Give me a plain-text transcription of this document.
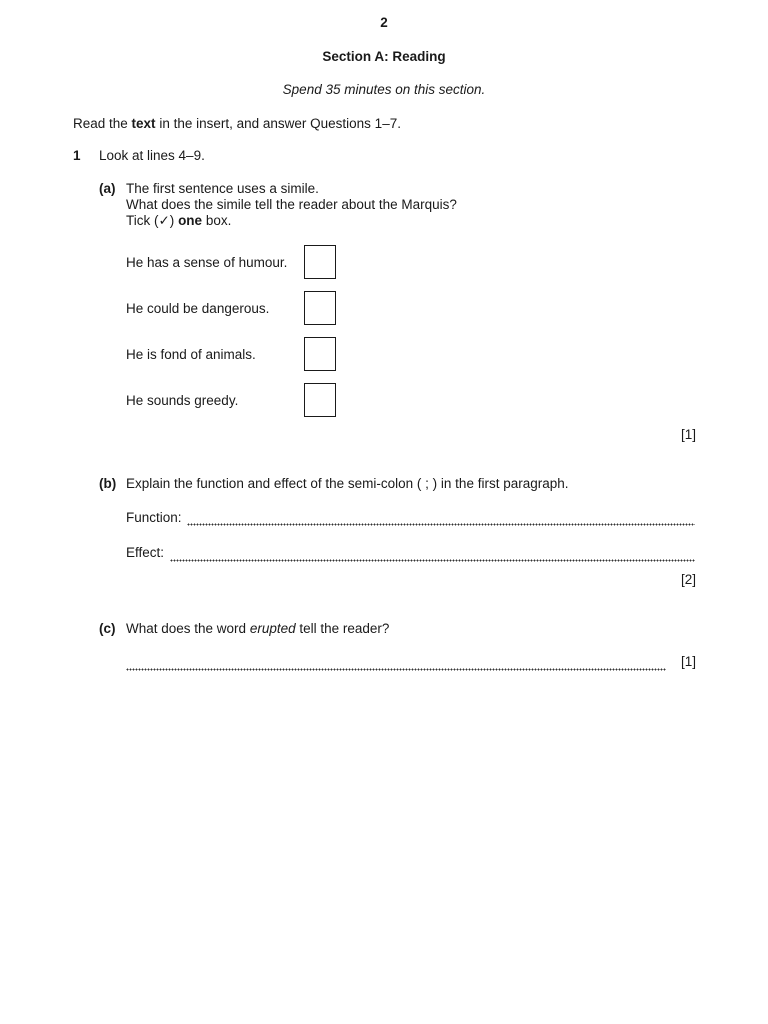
2
Section A: Reading
Spend 35 minutes on this section.
Read the text in the insert, and answer Questions 1–7.
1 Look at lines 4–9.
(a) The first sentence uses a simile.
What does the simile tell the reader about the Marquis?
Tick (✓) one box.
He has a sense of humour.
He could be dangerous.
He is fond of animals.
He sounds greedy.
[1]
(b) Explain the function and effect of the semi-colon ( ; ) in the first paragraph.
Function:
Effect:
[2]
(c) What does the word erupted tell the reader?
[1]
